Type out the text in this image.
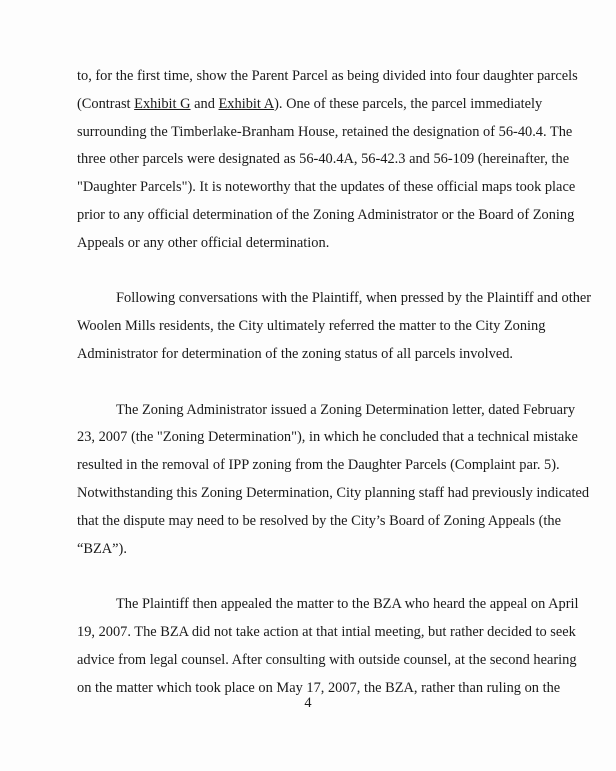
to, for the first time, show the Parent Parcel as being divided into four daughter parcels
(Contrast Exhibit G and Exhibit A). One of these parcels, the parcel immediately
surrounding the Timberlake-Branham House, retained the designation of 56-40.4. The
three other parcels were designated as 56-40.4A, 56-42.3 and 56-109 (hereinafter, the
"Daughter Parcels"). It is noteworthy that the updates of these official maps took place
prior to any official determination of the Zoning Administrator or the Board of Zoning
Appeals or any other official determination.

Following conversations with the Plaintiff, when pressed by the Plaintiff and other
Woolen Mills residents, the City ultimately referred the matter to the City Zoning
Administrator for determination of the zoning status of all parcels involved.

The Zoning Administrator issued a Zoning Determination letter, dated February
23, 2007 (the "Zoning Determination"), in which he concluded that a technical mistake
resulted in the removal of IPP zoning from the Daughter Parcels (Complaint par. 5).
Notwithstanding this Zoning Determination, City planning staff had previously indicated
that the dispute may need to be resolved by the City’s Board of Zoning Appeals (the
“BZA”).

The Plaintiff then appealed the matter to the BZA who heard the appeal on April
19, 2007. The BZA did not take action at that intial meeting, but rather decided to seek
advice from legal counsel. After consulting with outside counsel, at the second hearing
on the matter which took place on May 17, 2007, the BZA, rather than ruling on the

4
